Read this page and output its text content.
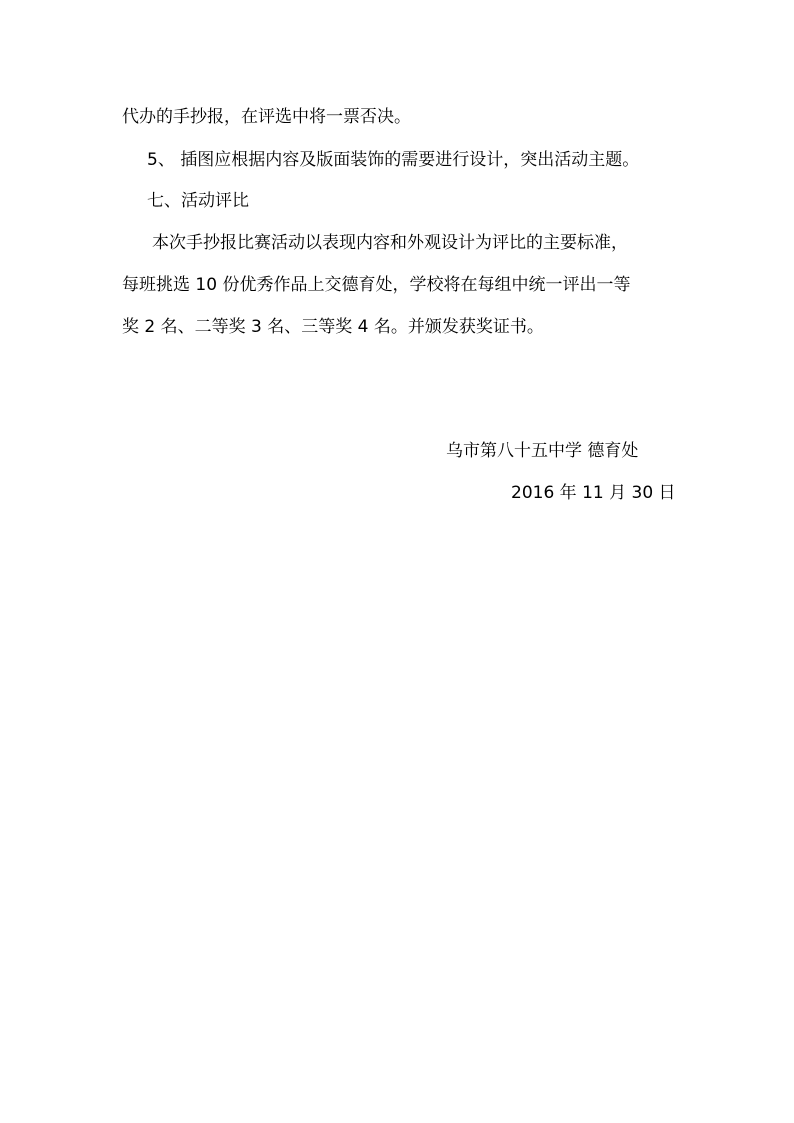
代办的手抄报，在评选中将一票否决。
5、 插图应根据内容及版面装饰的需要进行设计，突出活动主题。
七、活动评比
本次手抄报比赛活动以表现内容和外观设计为评比的主要标准，
每班挑选 10 份优秀作品上交德育处，学校将在每组中统一评出一等
奖 2 名、二等奖 3 名、三等奖 4 名。并颁发获奖证书。
乌市第八十五中学 德育处
2016 年 11 月 30 日
